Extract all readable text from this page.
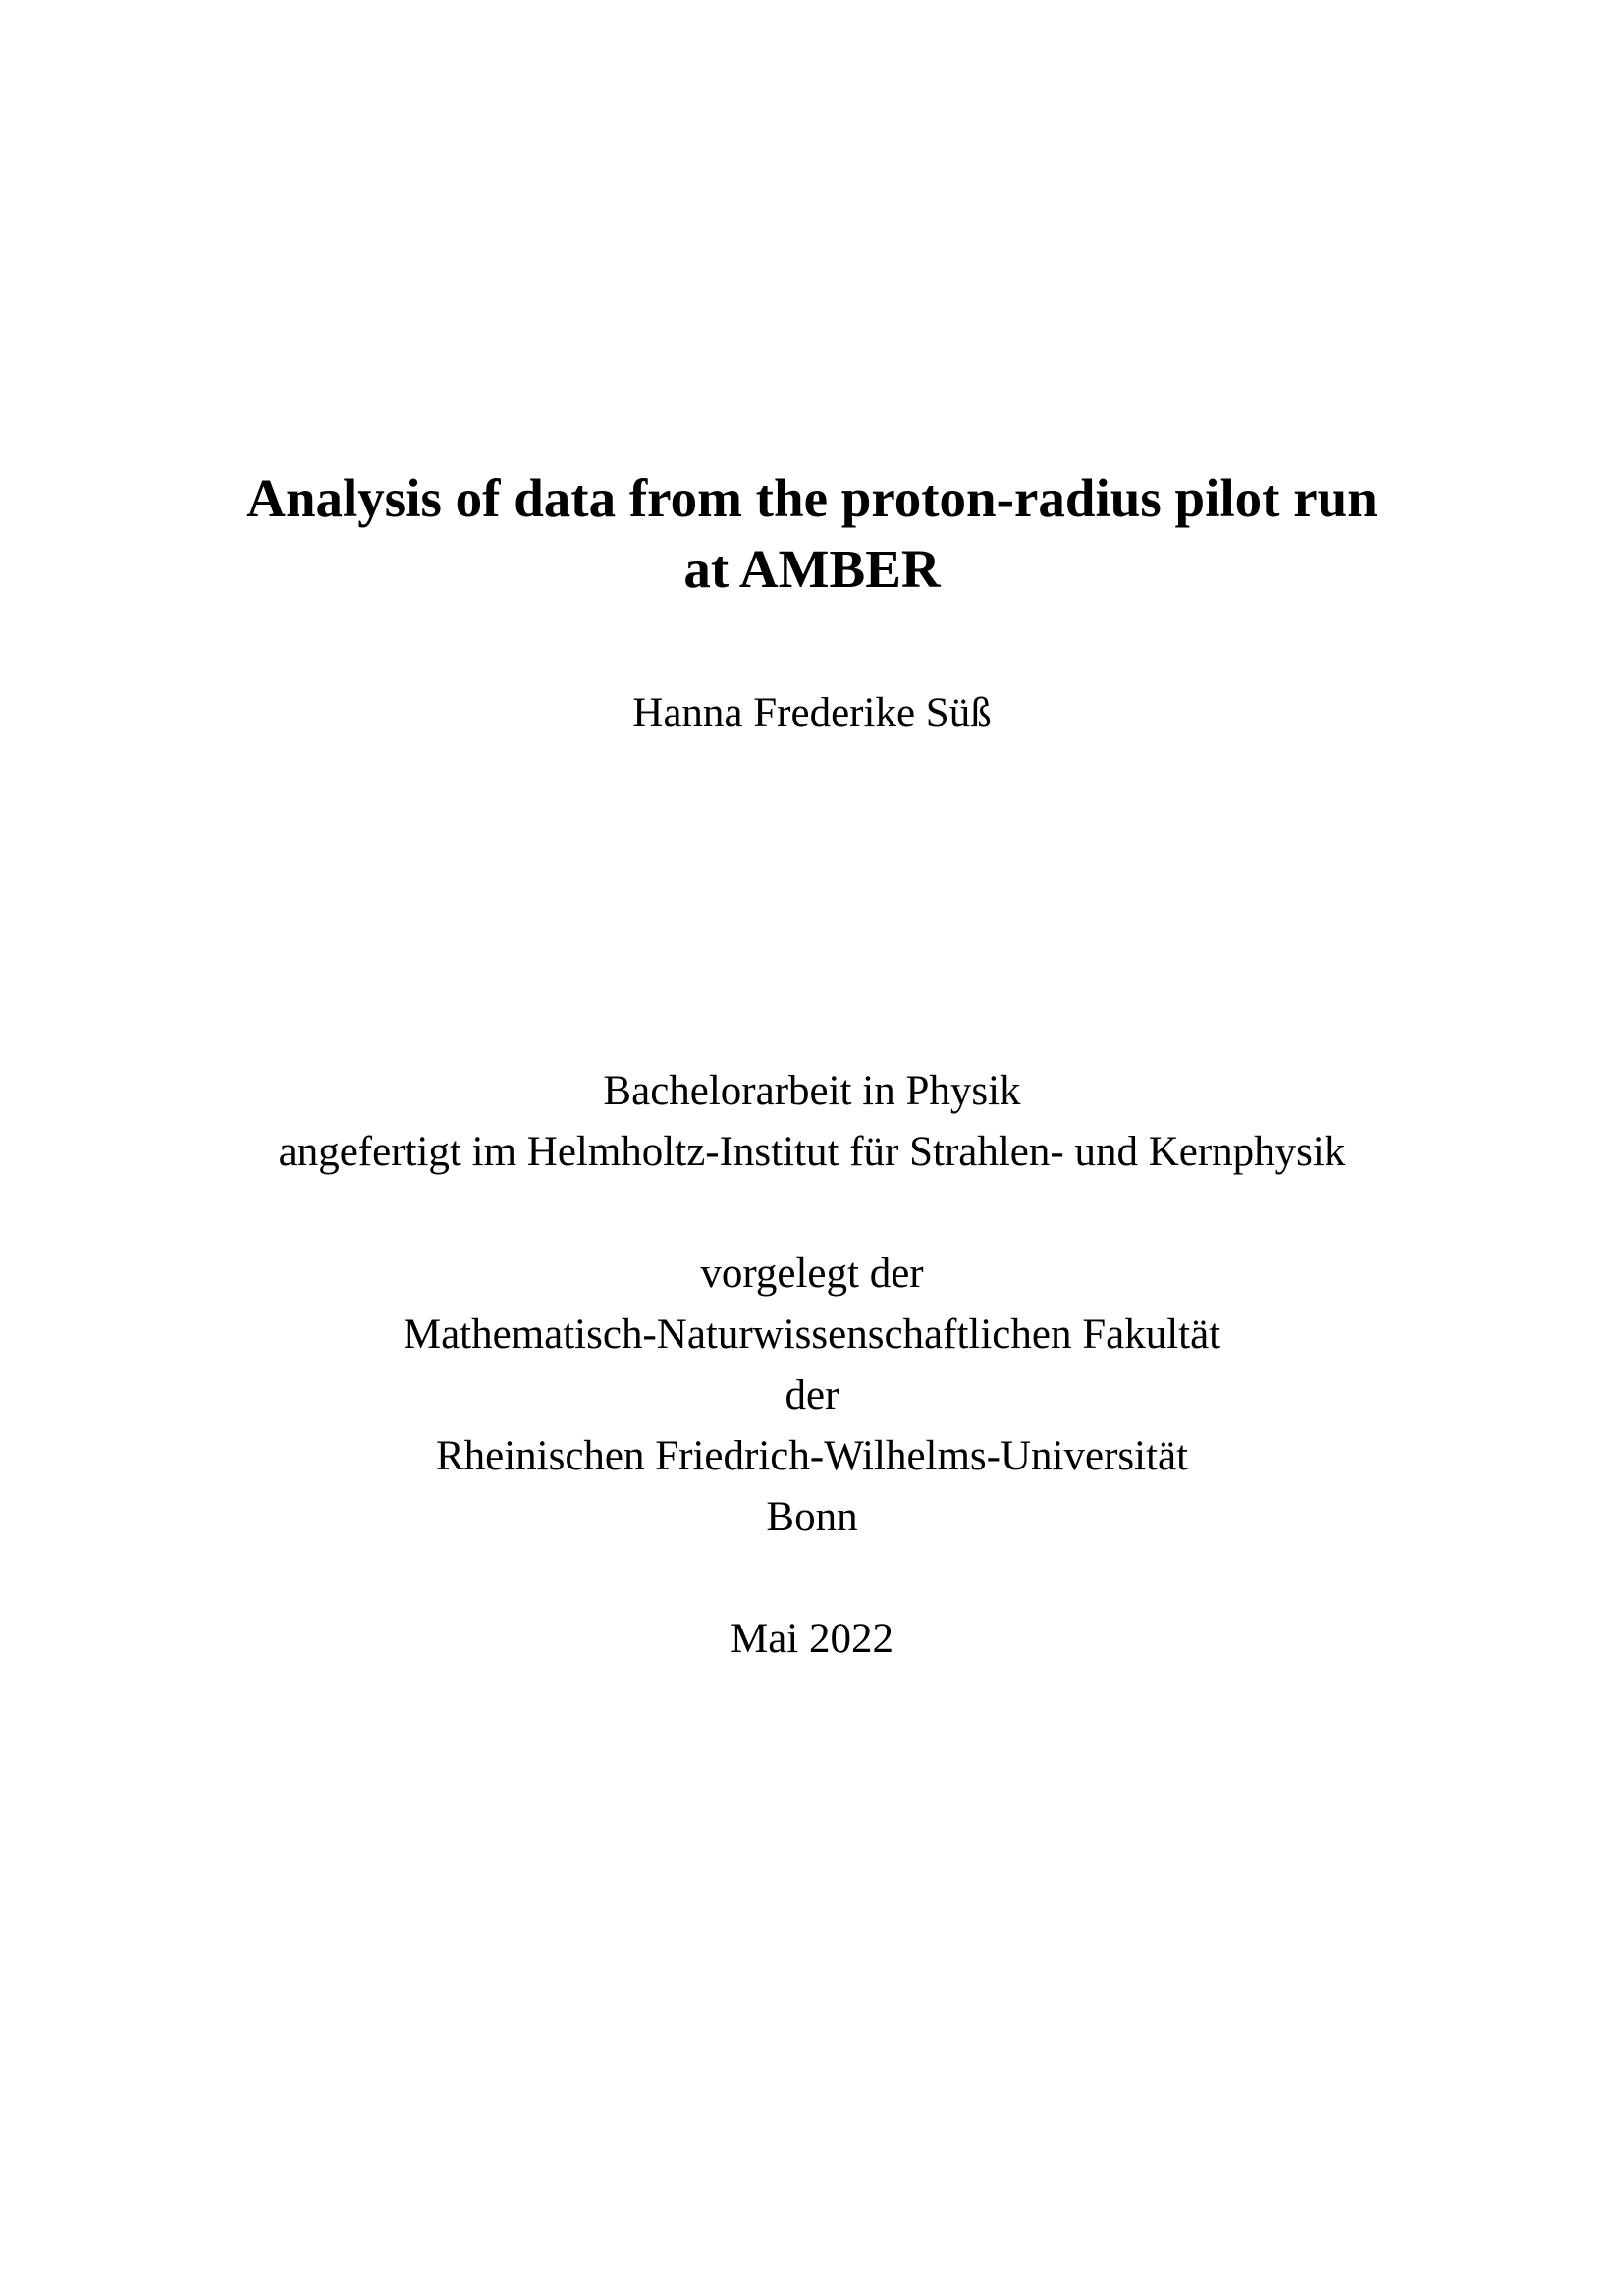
Analysis of data from the proton-radius pilot run
at AMBER
Hanna Frederike Süß
Bachelorarbeit in Physik
angefertigt im Helmholtz-Institut für Strahlen- und Kernphysik
vorgelegt der
Mathematisch-Naturwissenschaftlichen Fakultät
der
Rheinischen Friedrich-Wilhelms-Universität
Bonn
Mai 2022
